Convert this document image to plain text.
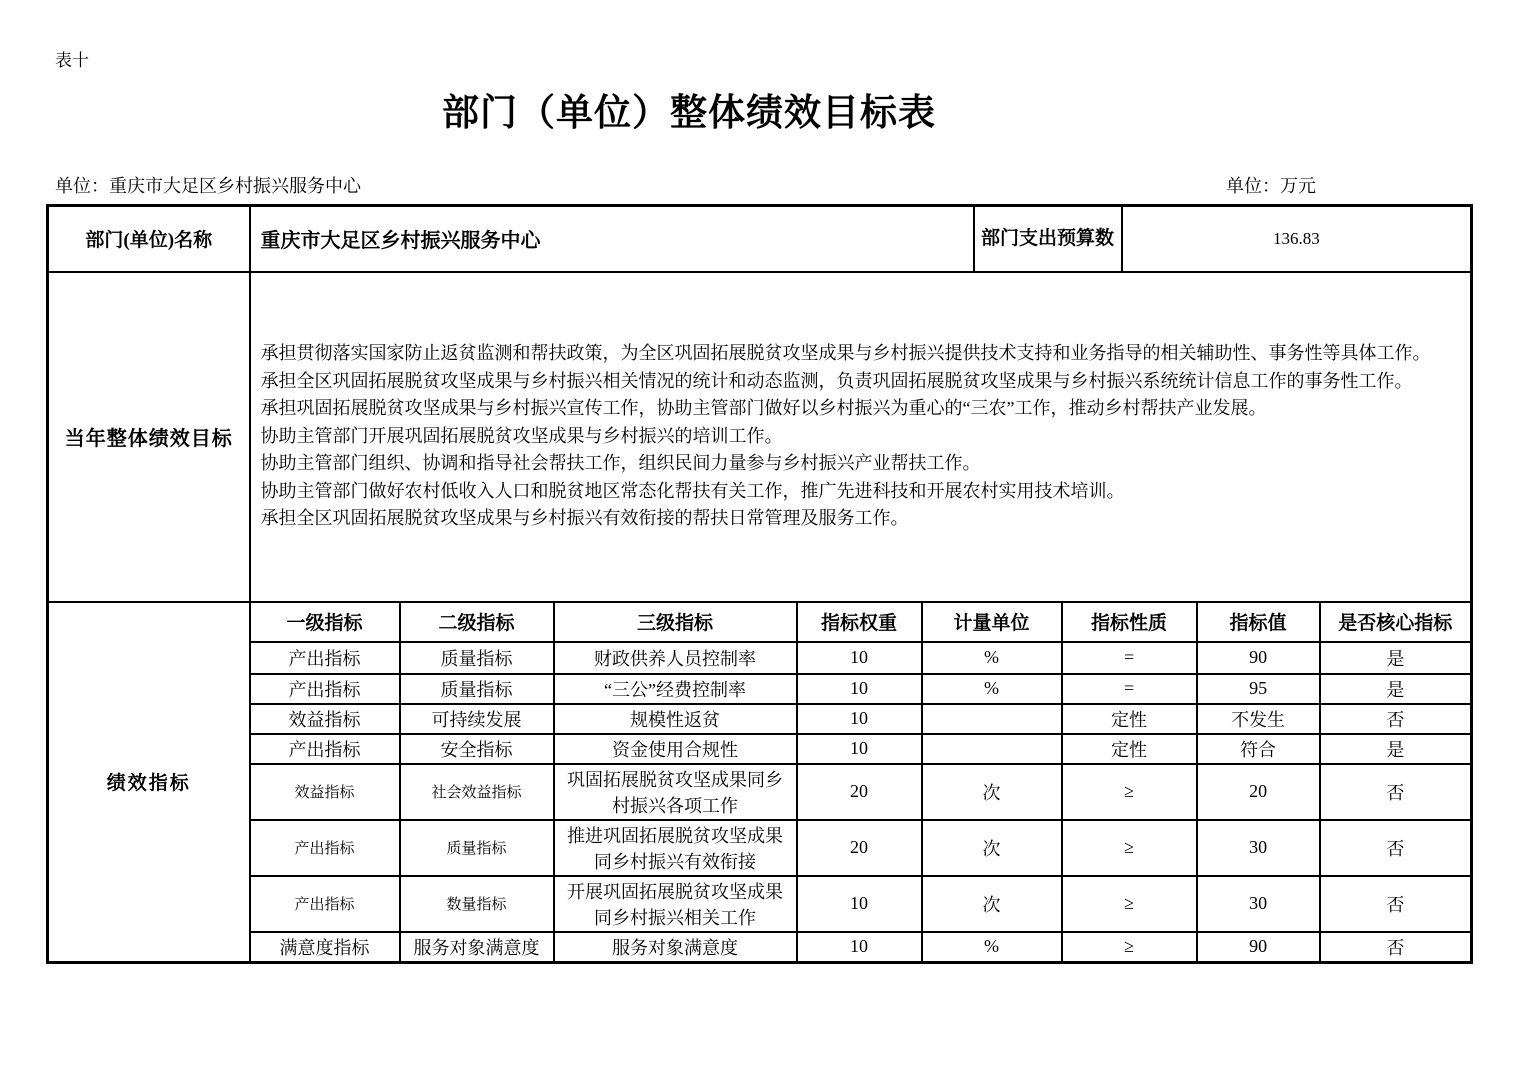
表十
部门（单位）整体绩效目标表
单位：重庆市大足区乡村振兴服务中心	单位：万元
部门(单位)名称	重庆市大足区乡村振兴服务中心					部门支出预算数		136.83		
当年整体绩效目标	
承担贯彻落实国家防止返贫监测和帮扶政策，为全区巩固拓展脱贫攻坚成果与乡村振兴提供技术支持和业务指导的相关辅助性、事务性等具体工作。
承担全区巩固拓展脱贫攻坚成果与乡村振兴相关情况的统计和动态监测，负责巩固拓展脱贫攻坚成果与乡村振兴系统统计信息工作的事务性工作。
承担巩固拓展脱贫攻坚成果与乡村振兴宣传工作，协助主管部门做好以乡村振兴为重心的“三农”工作，推动乡村帮扶产业发展。
协助主管部门开展巩固拓展脱贫攻坚成果与乡村振兴的培训工作。
协助主管部门组织、协调和指导社会帮扶工作，组织民间力量参与乡村振兴产业帮扶工作。
协助主管部门做好农村低收入人口和脱贫地区常态化帮扶有关工作，推广先进科技和开展农村实用技术培训。
承担全区巩固拓展脱贫攻坚成果与乡村振兴有效衔接的帮扶日常管理及服务工作。

绩效指标	一级指标	二级指标	三级指标	指标权重	计量单位		指标性质		指标值	是否核心指标
	产出指标	质量指标	财政供养人员控制率	10	%		=		90	是
	产出指标	质量指标	“三公”经费控制率	10	%		=		95	是
	效益指标	可持续发展	规模性返贫	10			定性		不发生	否
	产出指标	安全指标	资金使用合规性	10			定性		符合	是
	效益指标	社会效益指标	巩固拓展脱贫攻坚成果同乡村振兴各项工作	20	次		≥		20	否
	产出指标	质量指标	推进巩固拓展脱贫攻坚成果同乡村振兴有效衔接	20	次		≥		30	否
	产出指标	数量指标	开展巩固拓展脱贫攻坚成果同乡村振兴相关工作	10	次		≥		30	否
	满意度指标	服务对象满意度	服务对象满意度	10	%		≥		90	否
